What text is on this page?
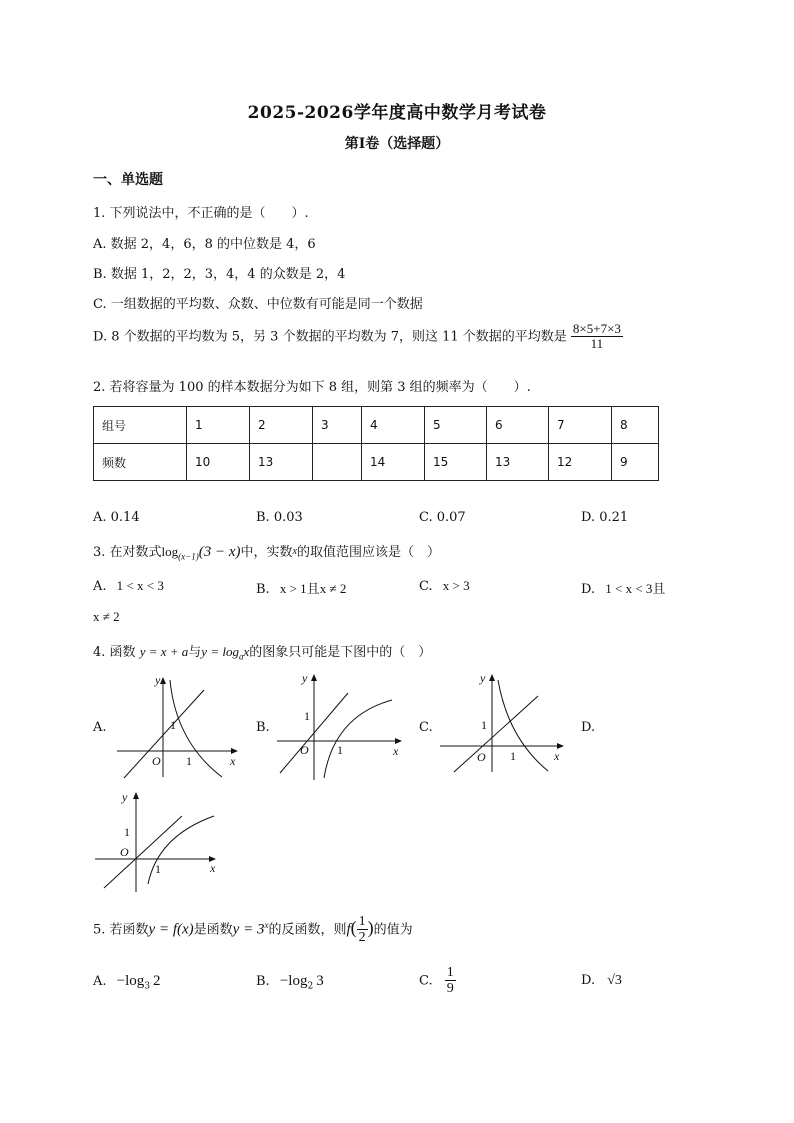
2025-2026学年度高中数学月考试卷
第I卷（选择题）
一、单选题
1. 下列说法中，不正确的是（　　）.
A. 数据 2，4，6，8 的中位数是 4，6
B. 数据 1，2，2，3，4，4 的众数是 2，4
C. 一组数据的平均数、众数、中位数有可能是同一个数据
D. 8 个数据的平均数为 5，另 3 个数据的平均数为 7，则这 11 个数据的平均数是 $\frac{8\times 5+7\times 3}{11}$
2. 若将容量为 100 的样本数据分为如下 8 组，则第 3 组的频率为（　　）.
组号	1	2	3	4	5	6	7	8
频数	10	13		14	15	13	12	9
A. 0.14	B. 0.03	C. 0.07	D. 0.21
3. 在对数式$\log_{(x-1)}(3 - x)$中，实数x的取值范围应该是（　）
A. 1 < x < 3	B. x > 1且x ≠ 2	C. x > 3	D. 1 < x < 3且
x ≠ 2
4. 函数 y = x + a与$y = \log_ax$的图象只可能是下图中的（　）
A.	1
1
O	x
y
B.
1
1
O	x
y
C.	1
1
O	x
y
D.
1
1
O
x
y
5. 若函数y = f(x)是函数$y = 3^x$的反函数，则$f( \frac{1}{2}$ )的值为
A. $-\log_3$ 2	B. $-\log_2$ 3	C. $\frac{1}{9}$	D. √3
